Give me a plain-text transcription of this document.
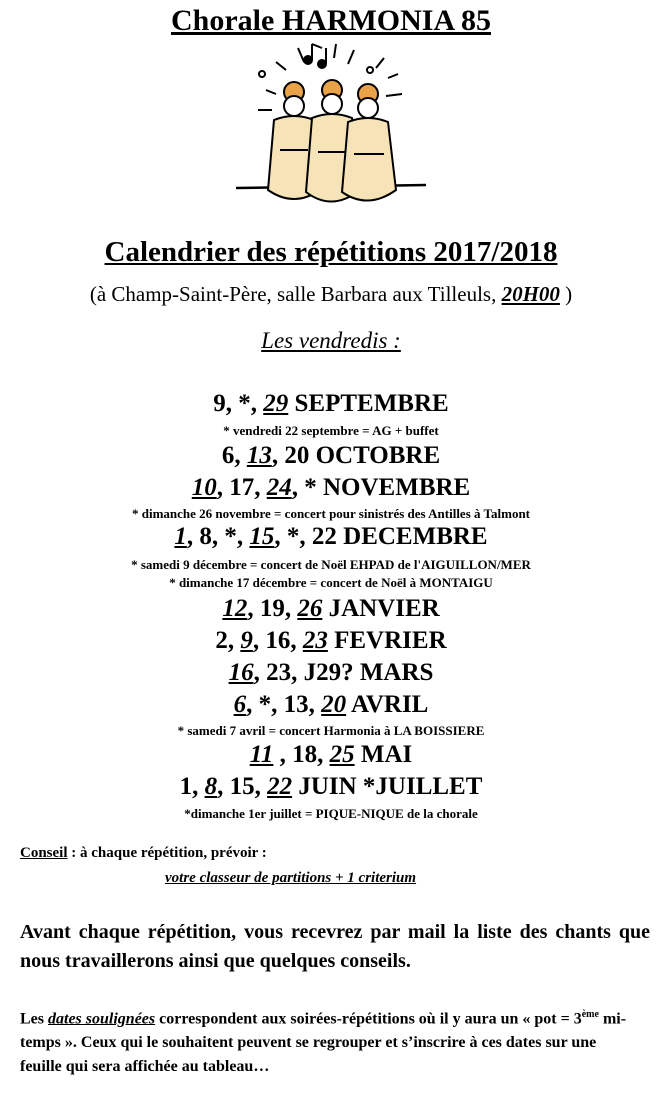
Chorale HARMONIA 85
Calendrier des répétitions 2017/2018
(à Champ-Saint-Père, salle Barbara aux Tilleuls, 20H00 )
Les vendredis :
9, *, 29 SEPTEMBRE
* vendredi 22 septembre = AG + buffet
6, 13, 20 OCTOBRE
10, 17, 24, * NOVEMBRE
* dimanche 26 novembre = concert pour sinistrés des Antilles à Talmont
1, 8, *, 15, *, 22 DECEMBRE
* samedi 9 décembre = concert de Noël EHPAD de l'AIGUILLON/MER
* dimanche 17 décembre = concert de Noël à MONTAIGU
12, 19, 26 JANVIER
2, 9, 16, 23 FEVRIER
16, 23, J29? MARS
6, *, 13, 20 AVRIL
* samedi 7 avril = concert Harmonia à LA BOISSIERE
11 , 18, 25 MAI
1, 8, 15, 22 JUIN *JUILLET
*dimanche 1er juillet = PIQUE-NIQUE de la chorale
Conseil : à chaque répétition, prévoir :
votre classeur de partitions + 1 criterium
Avant chaque répétition, vous recevrez par mail la liste des chants que nous travaillerons ainsi que quelques conseils.
Les dates soulignées correspondent aux soirées-répétitions où il y aura un « pot = 3ème mi-temps ». Ceux qui le souhaitent peuvent se regrouper et s’inscrire à ces dates sur une feuille qui sera affichée au tableau…
